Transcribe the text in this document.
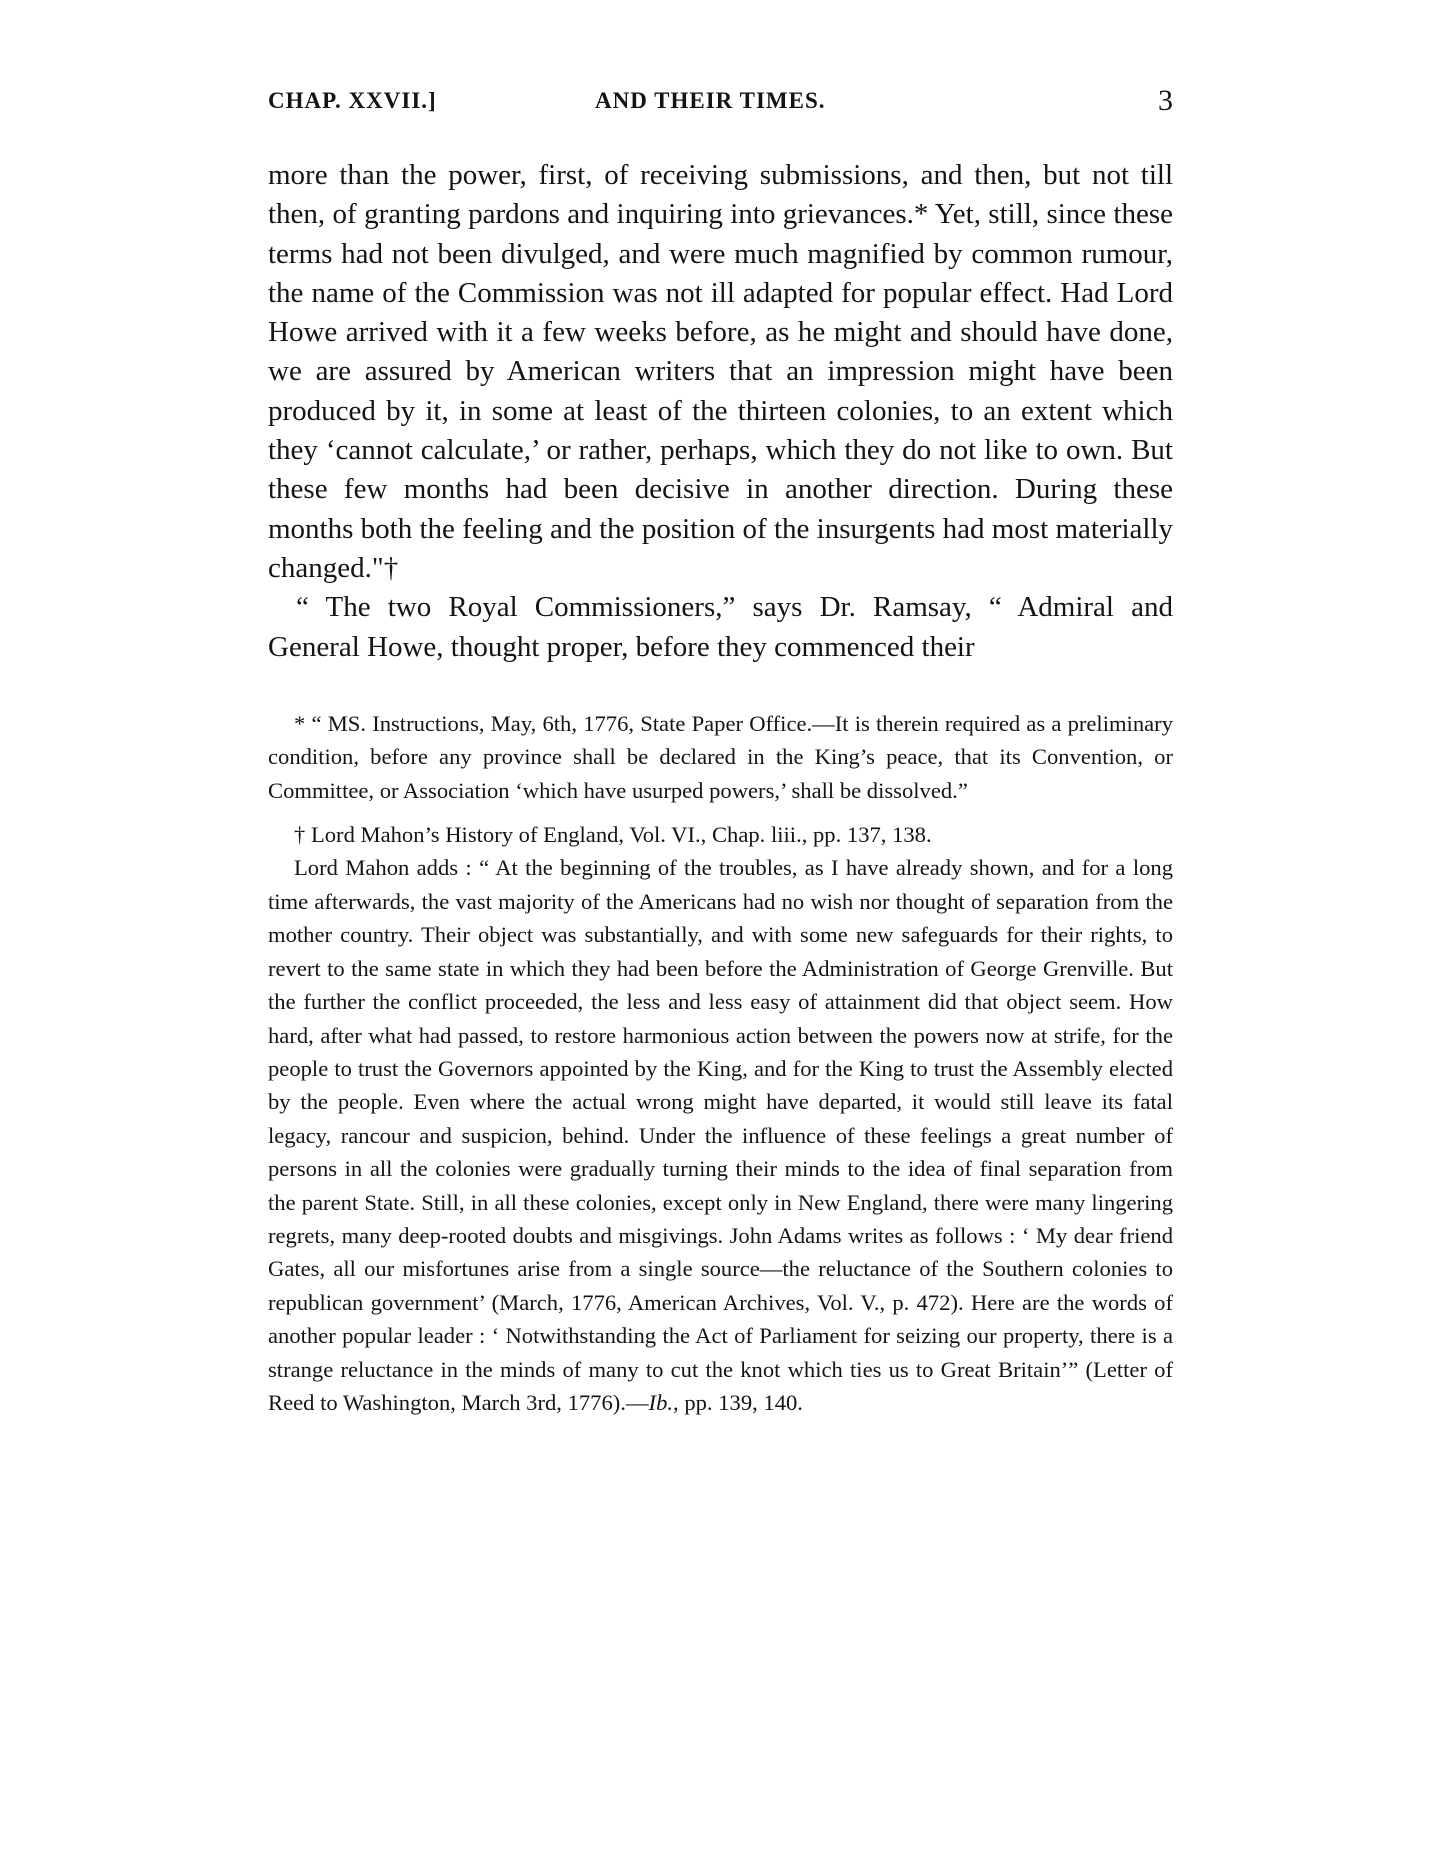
CHAP. XXVII.]	AND THEIR TIMES.	3

more than the power, first, of receiving submissions, and then, but not till then, of granting pardons and inquiring into grievances.* Yet, still, since these terms had not been divulged, and were much magnified by common rumour, the name of the Commission was not ill adapted for popular effect. Had Lord Howe arrived with it a few weeks before, as he might and should have done, we are assured by American writers that an impression might have been produced by it, in some at least of the thirteen colonies, to an extent which they ‘cannot calculate,’ or rather, perhaps, which they do not like to own. But these few months had been decisive in another direction. During these months both the feeling and the position of the insurgents had most materially changed."†

“ The two Royal Commissioners,” says Dr. Ramsay, “ Admiral and General Howe, thought proper, before they commenced their

* “ MS. Instructions, May, 6th, 1776, State Paper Office.—It is therein required as a preliminary condition, before any province shall be declared in the King’s peace, that its Convention, or Committee, or Association ‘which have usurped powers,’ shall be dissolved.”

† Lord Mahon’s History of England, Vol. VI., Chap. liii., pp. 137, 138.

Lord Mahon adds : “ At the beginning of the troubles, as I have already shown, and for a long time afterwards, the vast majority of the Americans had no wish nor thought of separation from the mother country. Their object was substantially, and with some new safeguards for their rights, to revert to the same state in which they had been before the Administration of George Grenville. But the further the conflict proceeded, the less and less easy of attainment did that object seem. How hard, after what had passed, to restore harmonious action between the powers now at strife, for the people to trust the Governors appointed by the King, and for the King to trust the Assembly elected by the people. Even where the actual wrong might have departed, it would still leave its fatal legacy, rancour and suspicion, behind. Under the influence of these feelings a great number of persons in all the colonies were gradually turning their minds to the idea of final separation from the parent State. Still, in all these colonies, except only in New England, there were many lingering regrets, many deep-rooted doubts and misgivings. John Adams writes as follows : ‘ My dear friend Gates, all our misfortunes arise from a single source—the reluctance of the Southern colonies to republican government’ (March, 1776, American Archives, Vol. V., p. 472). Here are the words of another popular leader : ‘ Notwithstanding the Act of Parliament for seizing our property, there is a strange reluctance in the minds of many to cut the knot which ties us to Great Britain’” (Letter of Reed to Washington, March 3rd, 1776).—Ib., pp. 139, 140.
